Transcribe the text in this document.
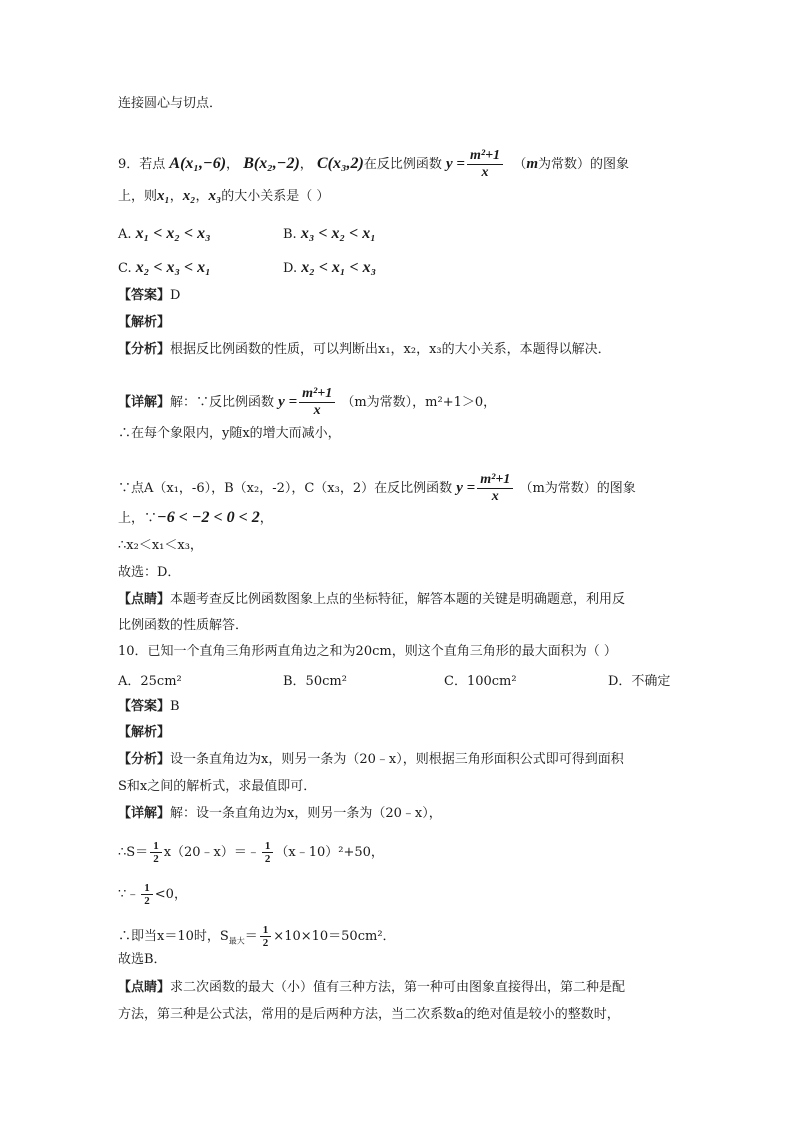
连接圆心与切点．
9．若点 A(x₁,−6)， B(x₂,−2)， C(x₃,2)在反比例函数 $y = \frac{\text{m²+1}}{x} (m$为常数）的图象
上，则x₁，x₂，x₃的大小关系是（ ）
A. x₁ < x₂ < x₃	B. x₃ < x₂ < x₁
C. x₂ < x₃ < x₁	D. x₂ < x₁ < x₃
【答案】D
【解析】
【分析】根据反比例函数的性质，可以判断出x₁，x₂，x₃的大小关系，本题得以解决．
【详解】解：∵反比例函数 $y = \frac{\text{m²+1}}{x} (m$为常数），m²+1＞0，
∴在每个象限内，y随x的增大而减小，
∵点A（x₁，-6），B（x₂，-2），C（x₃，2）在反比例函数 $y = \frac{\text{m²+1}}{x} (m$为常数）的图象
上，∵−6 < −2 < 0 < 2，
∴x₂＜x₁＜x₃，
故选：D．
【点睛】本题考查反比例函数图象上点的坐标特征，解答本题的关键是明确题意，利用反
比例函数的性质解答．
10．已知一个直角三角形两直角边之和为20cm，则这个直角三角形的最大面积为（ ）
A．25cm²	B．50cm²	C．100cm²	D．不确定
【答案】B
【解析】
【分析】设一条直角边为x，则另一条为（20﹣x），则根据三角形面积公式即可得到面积
S和x之间的解析式，求最值即可．
【详解】解：设一条直角边为x，则另一条为（20﹣x），
∴S＝ $\frac{1}{2}$ x（20﹣x）＝﹣ $\frac{1}{2}$ （x﹣10）²+50，
∵﹣ $\frac{1}{2} <0$，
∴即当x＝10时，$S_{最大}= \frac{1}{2} \times 10\times 10=50cm^2$．
故选B．
【点睛】求二次函数的最大（小）值有三种方法，第一种可由图象直接得出，第二种是配
方法，第三种是公式法，常用的是后两种方法，当二次系数a的绝对值是较小的整数时，
